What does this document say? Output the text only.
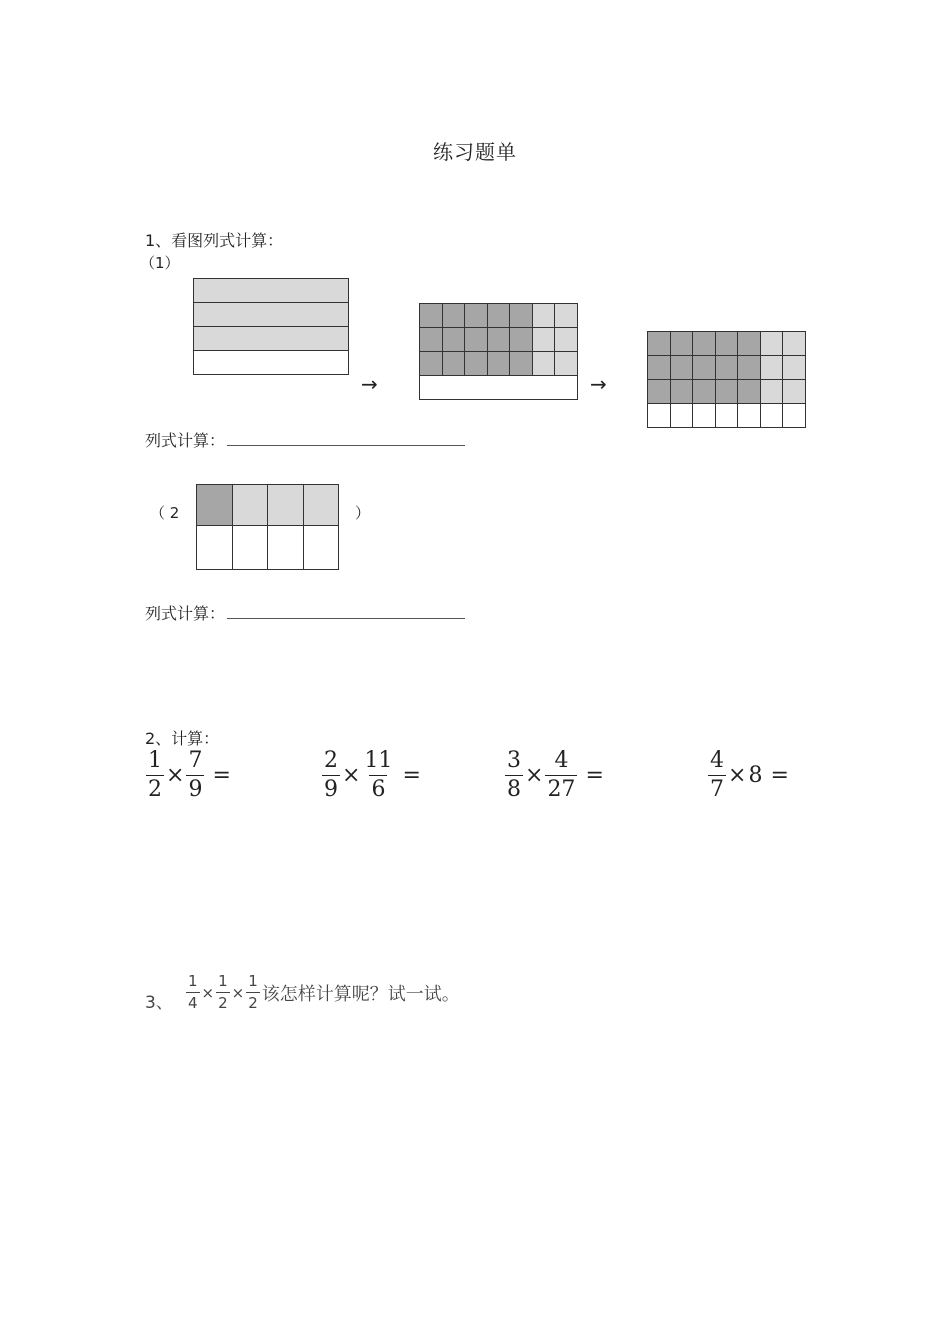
练习题单
1、看图列式计算：
（1）

→

							→

列式计算：
（ 2

				）
列式计算：
2、计算：
$\frac{1}{2} \times \frac{7}{9}$ =	$\frac{2}{9} \times \frac{11}{6}$ =	$\frac{3}{8} \times \frac{4}{27}$ =	$\frac{4}{7} \times 8$ =
3、 $\frac{1}{4} \times \frac{1}{2} \times \frac{1}{2}$ 该怎样计算呢？试一试。
